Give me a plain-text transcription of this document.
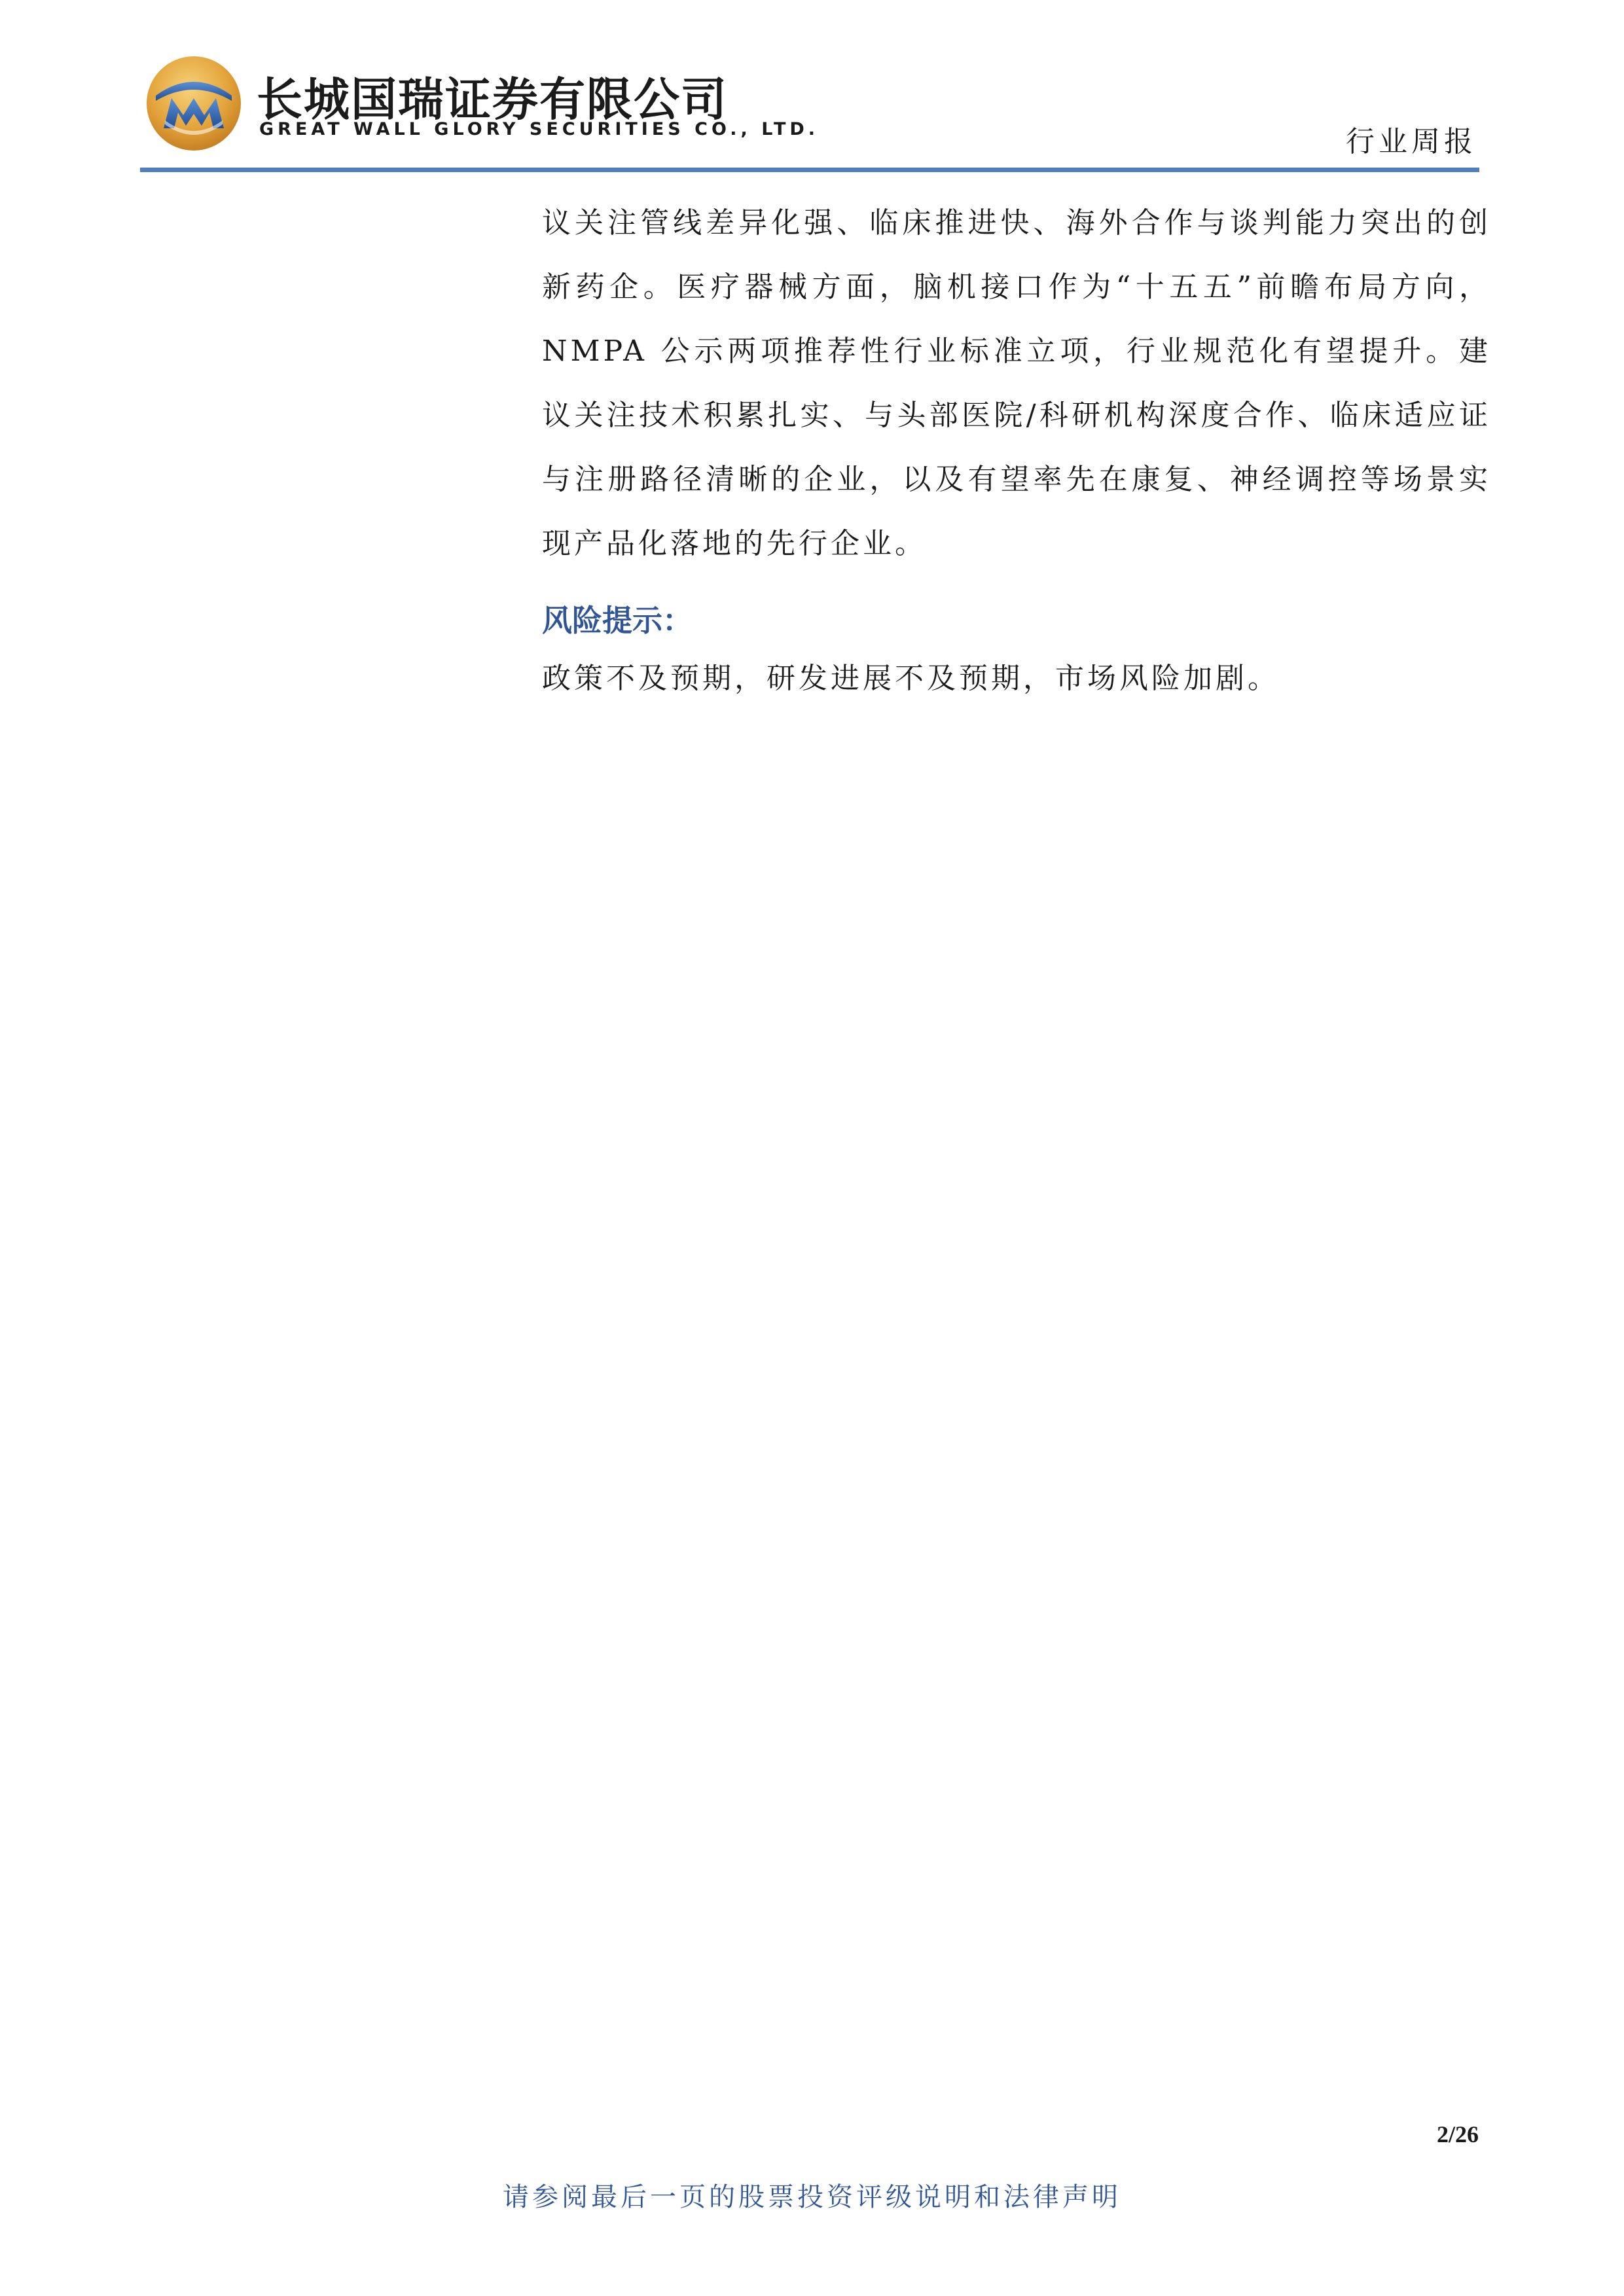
长城国瑞证券有限公司
GREAT WALL GLORY SECURITIES CO., LTD.	行业周报

议关注管线差异化强、临床推进快、海外合作与谈判能力突出的创新药企。医疗器械方面，脑机接口作为“十五五”前瞻布局方向，NMPA 公示两项推荐性行业标准立项，行业规范化有望提升。建议关注技术积累扎实、与头部医院/科研机构深度合作、临床适应证与注册路径清晰的企业，以及有望率先在康复、神经调控等场景实现产品化落地的先行企业。

风险提示：

政策不及预期，研发进展不及预期，市场风险加剧。

2/26
请参阅最后一页的股票投资评级说明和法律声明
